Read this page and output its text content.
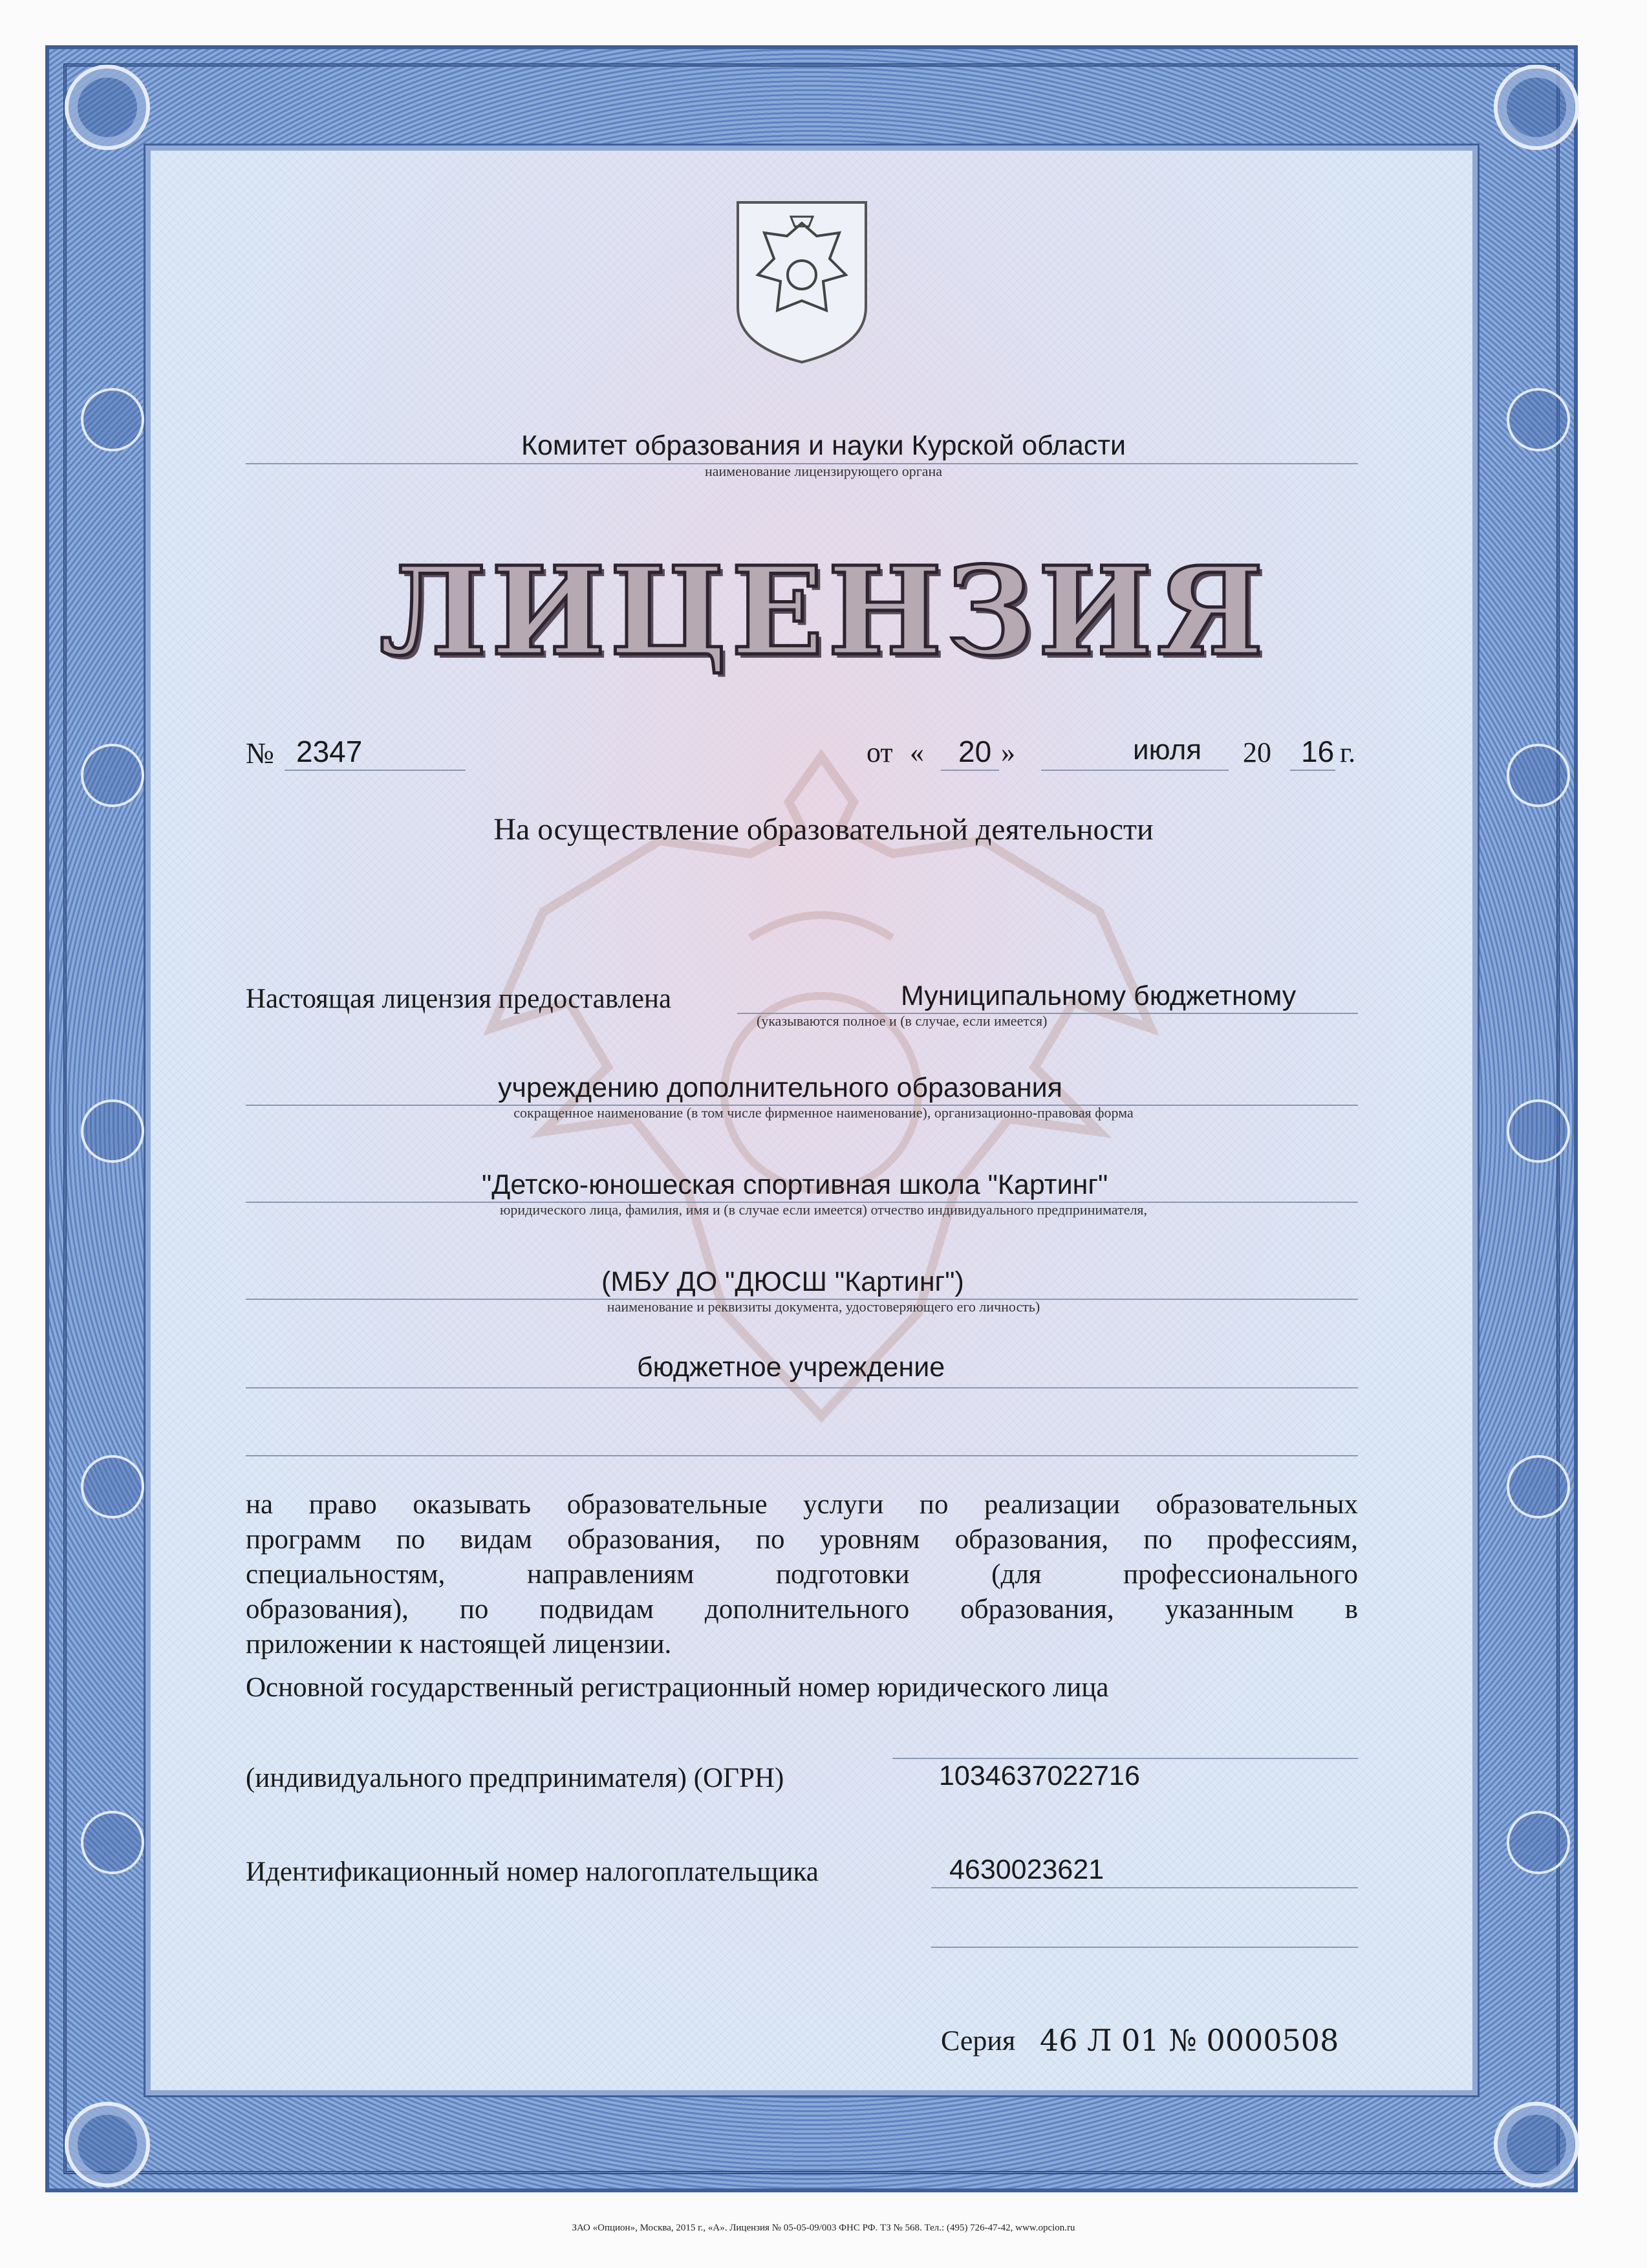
Комитет образования и науки Курской области
наименование лицензирующего органа
ЛИЦЕНЗИЯ
№ 2347	от « 20 »	июля 20 16 г.
На осуществление образовательной деятельности
Настоящая лицензия предоставлена	Муниципальному бюджетному
(указываются полное и (в случае, если имеется)
учреждению дополнительного образования
сокращенное наименование (в том числе фирменное наименование), организационно-правовая форма
"Детско-юношеская спортивная школа "Картинг"
юридического лица, фамилия, имя и (в случае если имеется) отчество индивидуального предпринимателя,
(МБУ ДО "ДЮСШ "Картинг")
наименование и реквизиты документа, удостоверяющего его личность)
бюджетное учреждение
на право оказывать образовательные услуги по реализации образовательных
программ по видам образования, по уровням образования, по профессиям,
специальностям, направлениям подготовки (для профессионального
образования), по подвидам дополнительного образования, указанным в
приложении к настоящей лицензии.
Основной государственный регистрационный номер юридического лица
(индивидуального предпринимателя) (ОГРН)	1034637022716
Идентификационный номер налогоплательщика	4630023621
Серия 46 Л 01 № 0000508
ЗАО «Опцион», Москва, 2015 г., «А». Лицензия № 05-05-09/003 ФНС РФ. ТЗ № 568. Тел.: (495) 726-47-42, www.opcion.ru
